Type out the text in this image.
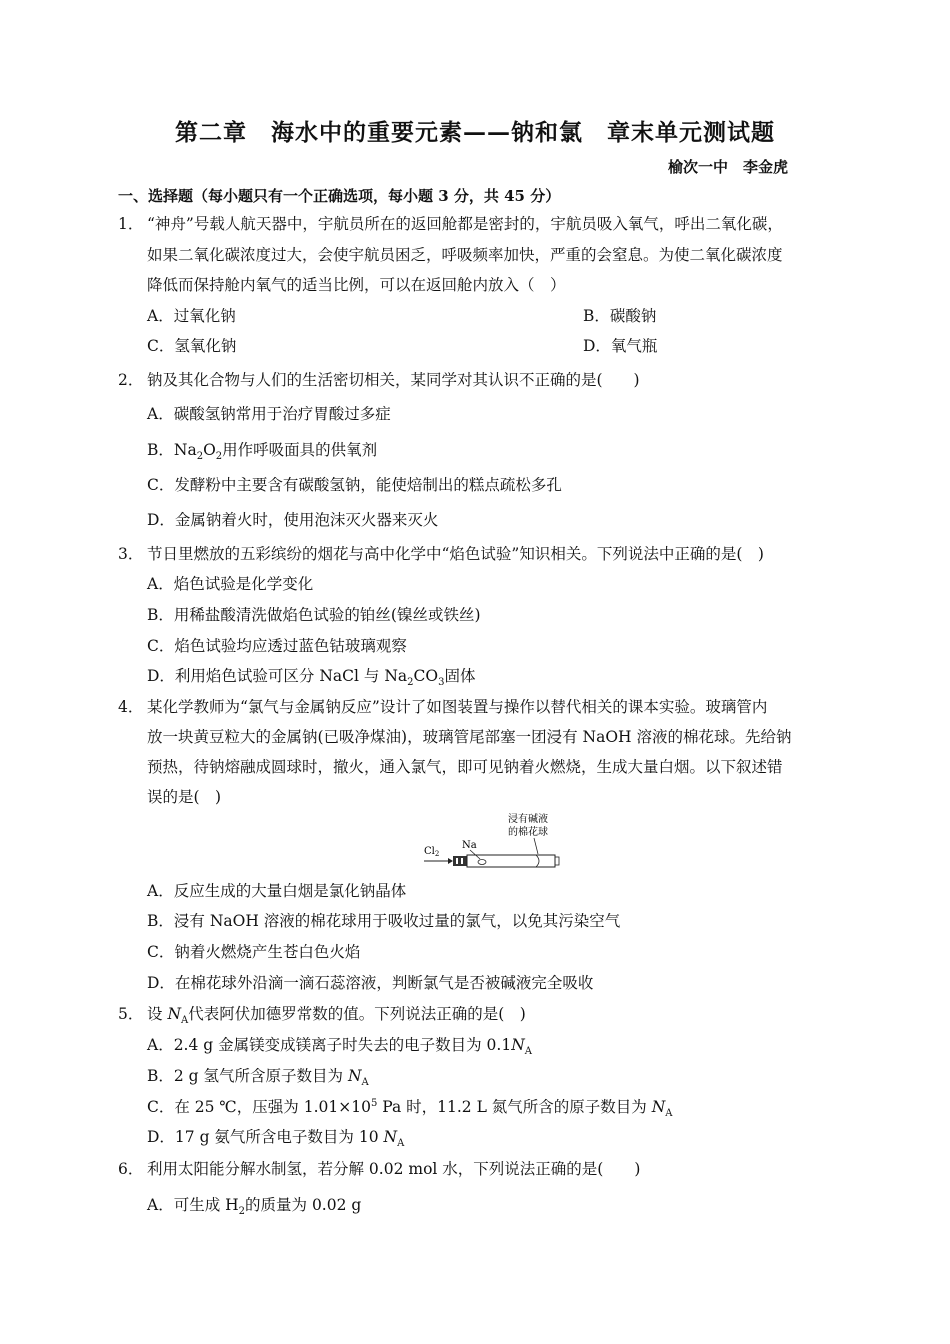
第二章　海水中的重要元素——钠和氯　章末单元测试题
榆次一中　李金虎
一、选择题（每小题只有一个正确选项，每小题 3 分，共 45 分）
1． “神舟”号载人航天器中，宇航员所在的返回舱都是密封的，宇航员吸入氧气，呼出二氧化碳，
如果二氧化碳浓度过大，会使宇航员困乏，呼吸频率加快，严重的会窒息。为使二氧化碳浓度
降低而保持舱内氧气的适当比例，可以在返回舱内放入（　）
A．过氧化钠	B．碳酸钠
C．氢氧化钠	D．氧气瓶
2． 钠及其化合物与人们的生活密切相关，某同学对其认识不正确的是(　　)
A．碳酸氢钠常用于治疗胃酸过多症
B．$Na_2O_2$用作呼吸面具的供氧剂
C．发酵粉中主要含有碳酸氢钠，能使焙制出的糕点疏松多孔
D．金属钠着火时，使用泡沫灭火器来灭火
3． 节日里燃放的五彩缤纷的烟花与高中化学中“焰色试验”知识相关。下列说法中正确的是(　)
A．焰色试验是化学变化
B．用稀盐酸清洗做焰色试验的铂丝(镍丝或铁丝)
C．焰色试验均应透过蓝色钴玻璃观察
D．利用焰色试验可区分 NaCl 与 $Na_2CO_3$固体
4． 某化学教师为“氯气与金属钠反应”设计了如图装置与操作以替代相关的课本实验。玻璃管内
放一块黄豆粒大的金属钠(已吸净煤油)，玻璃管尾部塞一团浸有 NaOH 溶液的棉花球。先给钠
预热，待钠熔融成圆球时，撤火，通入氯气，即可见钠着火燃烧，生成大量白烟。以下叙述错
误的是(　)
浸有碱液
的棉花球
$Cl_2$
Na
A．反应生成的大量白烟是氯化钠晶体
B．浸有 NaOH 溶液的棉花球用于吸收过量的氯气，以免其污染空气
C．钠着火燃烧产生苍白色火焰
D．在棉花球外沿滴一滴石蕊溶液，判断氯气是否被碱液完全吸收
5． 设 $N_A$代表阿伏加德罗常数的值。下列说法正确的是(　)
A．2.4 g 金属镁变成镁离子时失去的电子数目为 $0.1N_A$
B．2 g 氢气所含原子数目为 $N_A$
C．在 25 ℃，压强为 $1.01\times 10^5$ Pa 时，11.2 L 氮气所含的原子数目为 $N_A$
D．17 g 氨气所含电子数目为 10 $N_A$
6． 利用太阳能分解水制氢，若分解 0.02 mol 水，下列说法正确的是(　　)
A．可生成 $H_2$的质量为 0.02 g
